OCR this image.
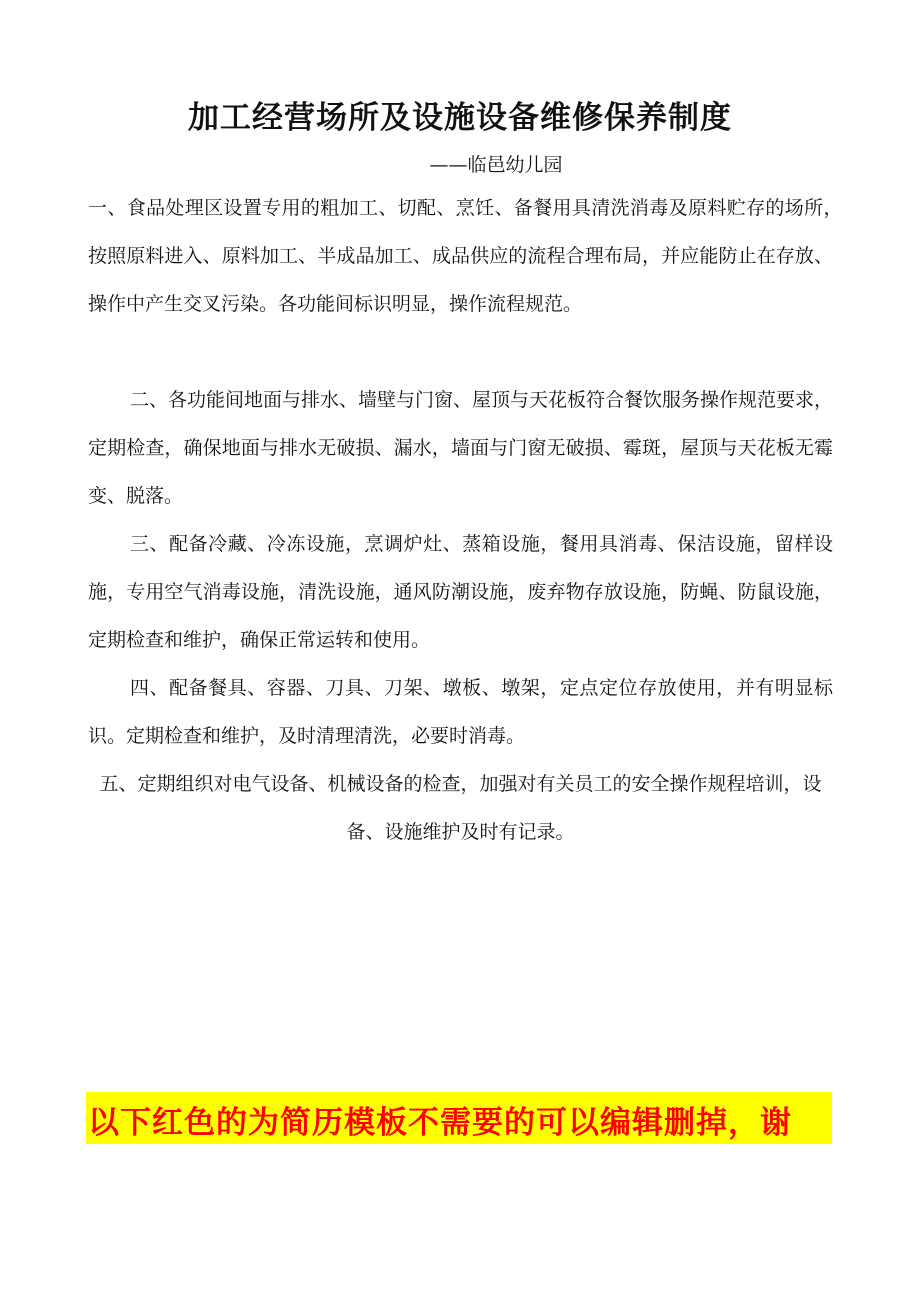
加工经营场所及设施设备维修保养制度
——临邑幼儿园

一、食品处理区设置专用的粗加工、切配、烹饪、备餐用具清洗消毒及原料贮存的场所，　按照原料进入、原料加工、半成品加工、成品供应的流程合理布局，并应能防止在存放、操作中产生交叉污染。各功能间标识明显，操作流程规范。

二、各功能间地面与排水、墙壁与门窗、屋顶与天花板符合餐饮服务操作规范要求，定期检查，确保地面与排水无破损、漏水，墙面与门窗无破损、霉斑，屋顶与天花板无霉变、脱落。

三、配备冷藏、冷冻设施，烹调炉灶、蒸箱设施，餐用具消毒、保洁设施，留样设施，专用空气消毒设施，清洗设施，通风防潮设施，废弃物存放设施，防蝇、防鼠设施，定期检查和维护，确保正常运转和使用。

四、配备餐具、容器、刀具、刀架、墩板、墩架，定点定位存放使用，并有明显标识。定期检查和维护，及时清理清洗，必要时消毒。

五、定期组织对电气设备、机械设备的检查，加强对有关员工的安全操作规程培训，设备、设施维护及时有记录。

以下红色的为简历模板不需要的可以编辑删掉，谢
